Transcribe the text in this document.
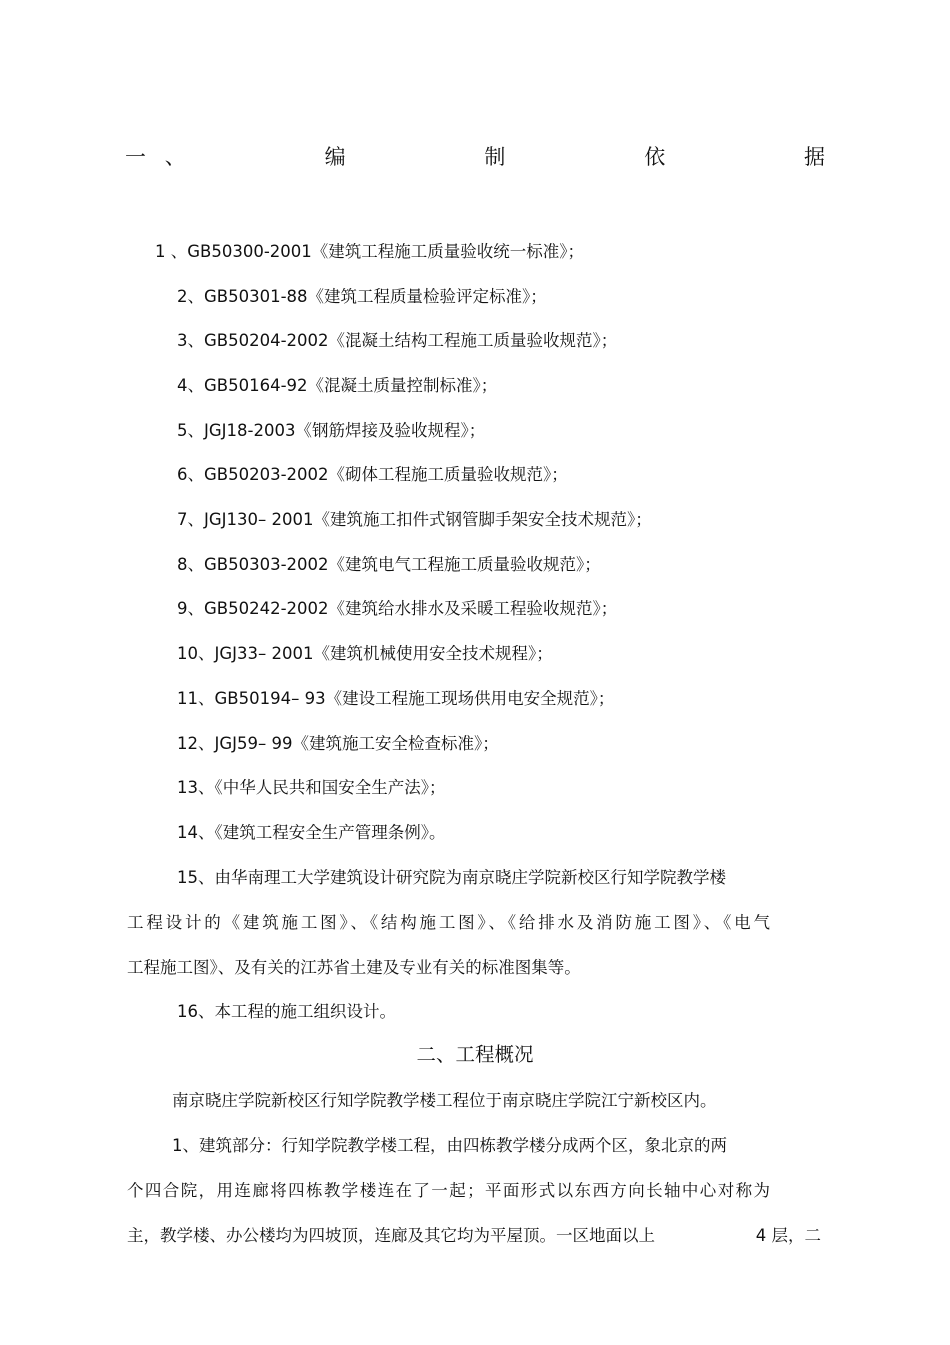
一 、	编	制	依	据
1 、GB50300-2001《建筑工程施工质量验收统一标准》；
2、GB50301-88《建筑工程质量检验评定标准》；
3、GB50204-2002《混凝土结构工程施工质量验收规范》；
4、GB50164-92《混凝土质量控制标准》；
5、JGJ18-2003《钢筋焊接及验收规程》；
6、GB50203-2002《砌体工程施工质量验收规范》；
7、JGJ130– 2001《建筑施工扣件式钢管脚手架安全技术规范》；
8、GB50303-2002《建筑电气工程施工质量验收规范》；
9、GB50242-2002《建筑给水排水及采暖工程验收规范》；
10、JGJ33– 2001《建筑机械使用安全技术规程》；
11、GB50194– 93《建设工程施工现场供用电安全规范》；
12、JGJ59– 99《建筑施工安全检查标准》；
13、《中华人民共和国安全生产法》；
14、《建筑工程安全生产管理条例》。
15、由华南理工大学建筑设计研究院为南京晓庄学院新校区行知学院教学楼
工程设计的《建筑施工图》、《结构施工图》、《给排水及消防施工图》、《电气
工程施工图》、及有关的江苏省土建及专业有关的标准图集等。
16、本工程的施工组织设计。
二、工程概况
南京晓庄学院新校区行知学院教学楼工程位于南京晓庄学院江宁新校区内。
1、建筑部分：行知学院教学楼工程，由四栋教学楼分成两个区，象北京的两
个四合院，用连廊将四栋教学楼连在了一起；平面形式以东西方向长轴中心对称为
主，教学楼、办公楼均为四坡顶，连廊及其它均为平屋顶。一区地面以上	4 层，二
